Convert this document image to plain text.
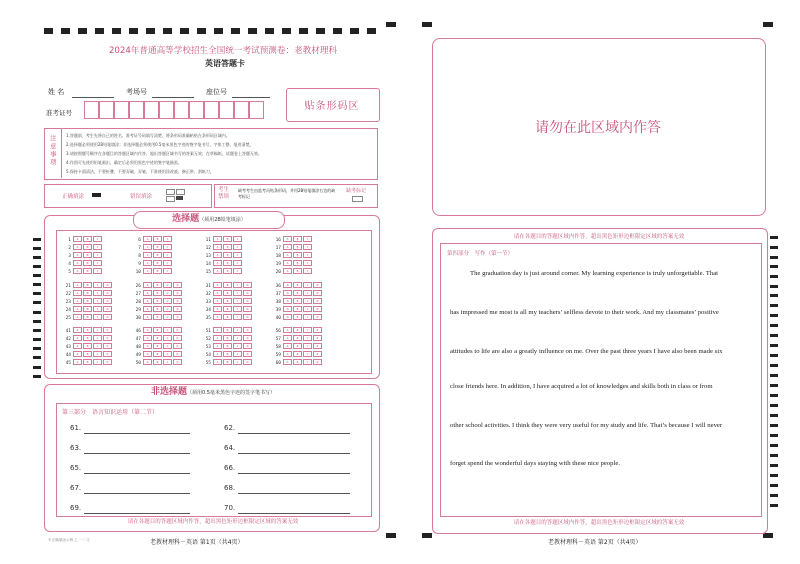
2024年普通高等学校招生全国统一考试预测卷：老教材理科
英语答题卡
姓 名	考场号	座位号
准考证号
贴条形码区
注意事项
1.答题前，考生先将自己的姓名、准考证号码填写清楚，将条形码准确粘贴在条形码区域内。
2.选择题必须使用2B铅笔填涂；非选择题必须使用0.5毫米黑色字迹的签字笔书写，字体工整、笔迹清楚。
3.请按照题号顺序在各题目的答题区域内作答，超出答题区域书写的答案无效；在草稿纸、试题卷上答题无效。
4.作图可先使用铅笔画出，确定后必须用黑色字迹的签字笔描黑。
5.保持卡面清洁，不要折叠，不要弄破、弄皱，不准使用涂改液、修正带、刮纸刀。
正确填涂	错误填涂
考生禁填
缺考考生由监考员贴条形码，并用2B铅笔填涂右边的缺考标记
缺考标记
选择题（须用2B铅笔填涂）
1 A	B	C
2 A	B	C
3 A	B	C
4 A	B	C
5 A	B	C
6 A	B	C
7 A	B	C
8 A	B	C
9 A	B	C
10 A	B	C
11 A	B	C
12 A	B	C
13 A	B	C
14 A	B	C
15 A	B	C
16 A	B	C
17 A	B	C
18 A	B	C
19 A	B	C
20 A	B	C
21 A	B	C	D
22 A	B	C	D
23 A	B	C	D
24 A	B	C	D
25 A	B	C	D
26 A	B	C	D
27 A	B	C	D
28 A	B	C	D
29 A	B	C	D
30 A	B	C	D
31 A	B	C	D
32 A	B	C	D
33 A	B	C	D
34 A	B	C	D
35 A	B	C	D
36 A	B	C	D
37 A	B	C	D
38 A	B	C	D
39 A	B	C	D
40 A	B	C	D
41 A	B	C	D
42 A	B	C	D
43 A	B	C	D
44 A	B	C	D
45 A	B	C	D
46 A	B	C	D
47 A	B	C	D
48 A	B	C	D
49 A	B	C	D
50 A	B	C	D
51 A	B	C	D
52 A	B	C	D
53 A	B	C	D
54 A	B	C	D
55 A	B	C	D
56 A	B	C	D
57 A	B	C	D
58 A	B	C	D
59 A	B	C	D
60 A	B	C	D
非选择题（须用0.5毫米黑色字迹的签字笔书写）
第三部分　语言知识运用（第二节）
61.	62.
63.	64.
65.	66.
67.	68.
69.	70.
请在各题目的答题区域内作答，超出黑色矩形边框限定区域的答案无效
老教材理科－英语 第1页（共4页）
©正确填涂示例 乙 一二叉
请勿在此区域内作答
请在各题目的答题区域内作答，超出黑色矩形边框限定区域的答案无效
第四部分　写作（第一节）
The graduation day is just around corner. My learning experience is truly unforgettable. That
has impressed me most is all my teachers’ selfless devote to their work. And my classmates’ positive
attitudes to life are also a greatly influence on me. Over the past three years I have also been made six
close friends here. In addition, I have acquired a lot of knowledges and skills both in class or from
other school activities. I think they were very useful for my study and life. That’s because I will never
forget spend the wonderful days staying with these nice people.
请在各题目的答题区域内作答，超出黑色矩形边框限定区域的答案无效
老教材理科－英语 第2页（共4页）
